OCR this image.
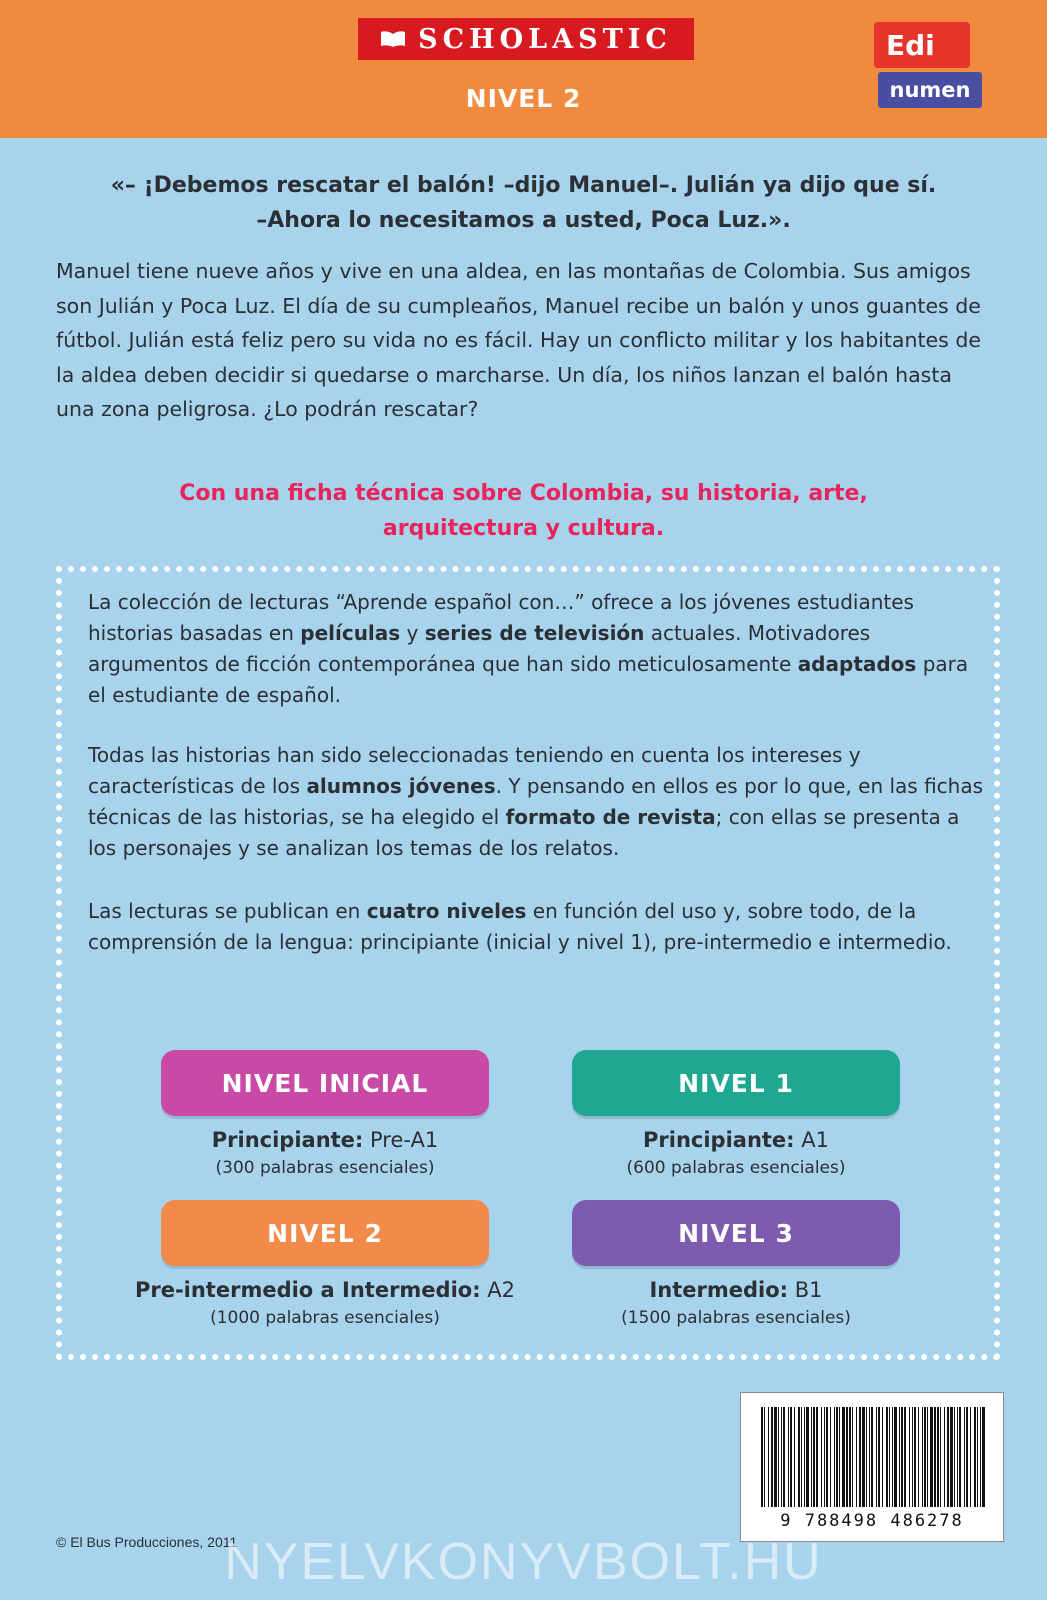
SCHOLASTIC
NIVEL 2
Edi
numen
«– ¡Debemos rescatar el balón! –dijo Manuel–. Julián ya dijo que sí.
–Ahora lo necesitamos a usted, Poca Luz.».
Manuel tiene nueve años y vive en una aldea, en las montañas de Colombia. Sus amigos son Julián y Poca Luz. El día de su cumpleaños, Manuel recibe un balón y unos guantes de fútbol. Julián está feliz pero su vida no es fácil. Hay un conflicto militar y los habitantes de la aldea deben decidir si quedarse o marcharse. Un día, los niños lanzan el balón hasta una zona peligrosa. ¿Lo podrán rescatar?
Con una ficha técnica sobre Colombia, su historia, arte,
arquitectura y cultura.
La colección de lecturas “Aprende español con…” ofrece a los jóvenes estudiantes historias basadas en películas y series de televisión actuales. Motivadores argumentos de ficción contemporánea que han sido meticulosamente adaptados para el estudiante de español.
Todas las historias han sido seleccionadas teniendo en cuenta los intereses y características de los alumnos jóvenes. Y pensando en ellos es por lo que, en las fichas técnicas de las historias, se ha elegido el formato de revista; con ellas se presenta a los personajes y se analizan los temas de los relatos.
Las lecturas se publican en cuatro niveles en función del uso y, sobre todo, de la comprensión de la lengua: principiante (inicial y nivel 1), pre-intermedio e intermedio.
NIVEL INICIAL
Principiante: Pre-A1
(300 palabras esenciales)
NIVEL 1
Principiante: A1
(600 palabras esenciales)
NIVEL 2
Pre-intermedio a Intermedio: A2
(1000 palabras esenciales)
NIVEL 3
Intermedio: B1
(1500 palabras esenciales)
9 788498 486278
© El Bus Producciones, 2011
NYELVKONYVBOLT.HU
